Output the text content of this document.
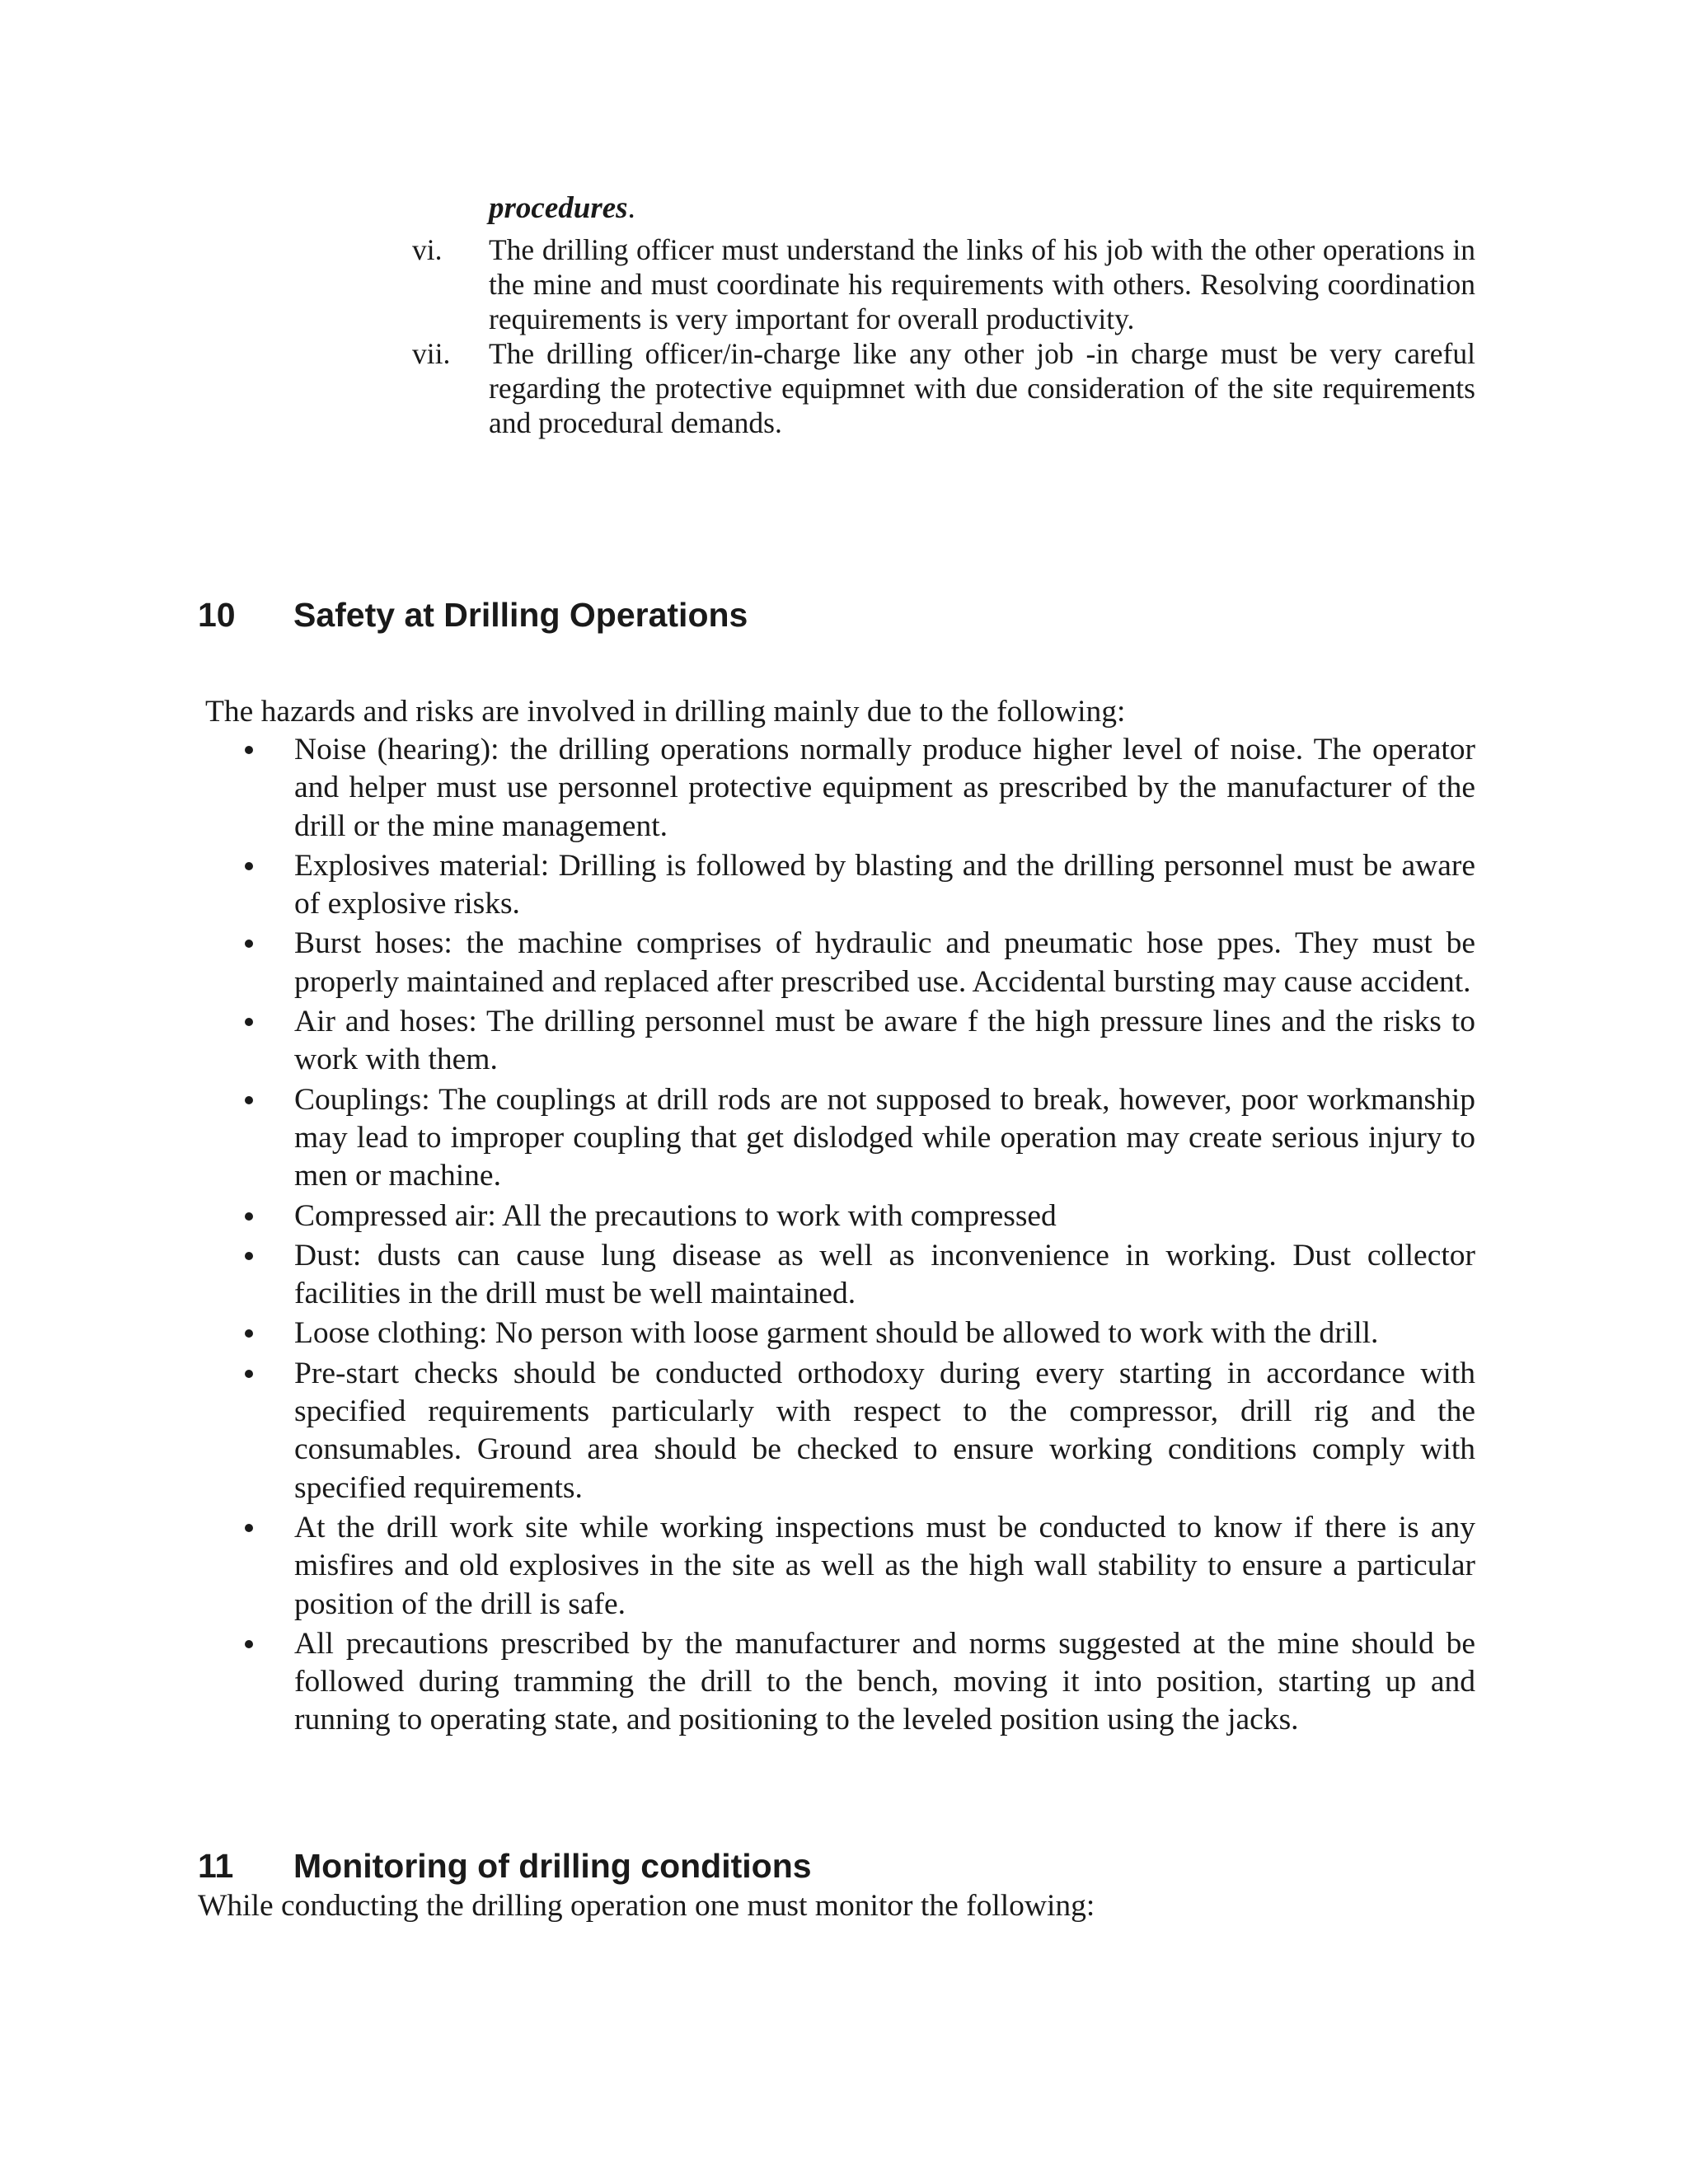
procedures.
vi.	The drilling officer must understand the links of his job with the other operations in the mine and must coordinate his requirements with others. Resolving coordination requirements is very important for overall productivity.
vii.	The drilling officer/in-charge like any other job -in charge must be very careful regarding the protective equipmnet with due consideration of the site requirements and procedural demands.
10 Safety at Drilling Operations

The hazards and risks are involved in drilling mainly due to the following:

Noise (hearing): the drilling operations normally produce higher level of noise. The operator and helper must use personnel protective equipment as prescribed by the manufacturer of the drill or the mine management.
Explosives material: Drilling is followed by blasting and the drilling personnel must be aware of explosive risks.
Burst hoses: the machine comprises of hydraulic and pneumatic hose ppes. They must be properly maintained and replaced after prescribed use. Accidental bursting may cause accident.
Air and hoses: The drilling personnel must be aware f the high pressure lines and the risks to work with them.
Couplings: The couplings at drill rods are not supposed to break, however, poor workmanship may lead to improper coupling that get dislodged while operation may create serious injury to men or machine.
Compressed air: All the precautions to work with compressed
Dust: dusts can cause lung disease as well as inconvenience in working. Dust collector facilities in the drill must be well maintained.
Loose clothing: No person with loose garment should be allowed to work with the drill.
Pre-start checks should be conducted orthodoxy during every starting in accordance with specified requirements particularly with respect to the compressor, drill rig and the consumables. Ground area should be checked to ensure working conditions comply with specified requirements.
At the drill work site while working inspections must be conducted to know if there is any misfires and old explosives in the site as well as the high wall stability to ensure a particular position of the drill is safe.
All precautions prescribed by the manufacturer and norms suggested at the mine should be followed during tramming the drill to the bench, moving it into position, starting up and running to operating state, and positioning to the leveled position using the jacks.
11 Monitoring of drilling conditions

While conducting the drilling operation one must monitor the following:
